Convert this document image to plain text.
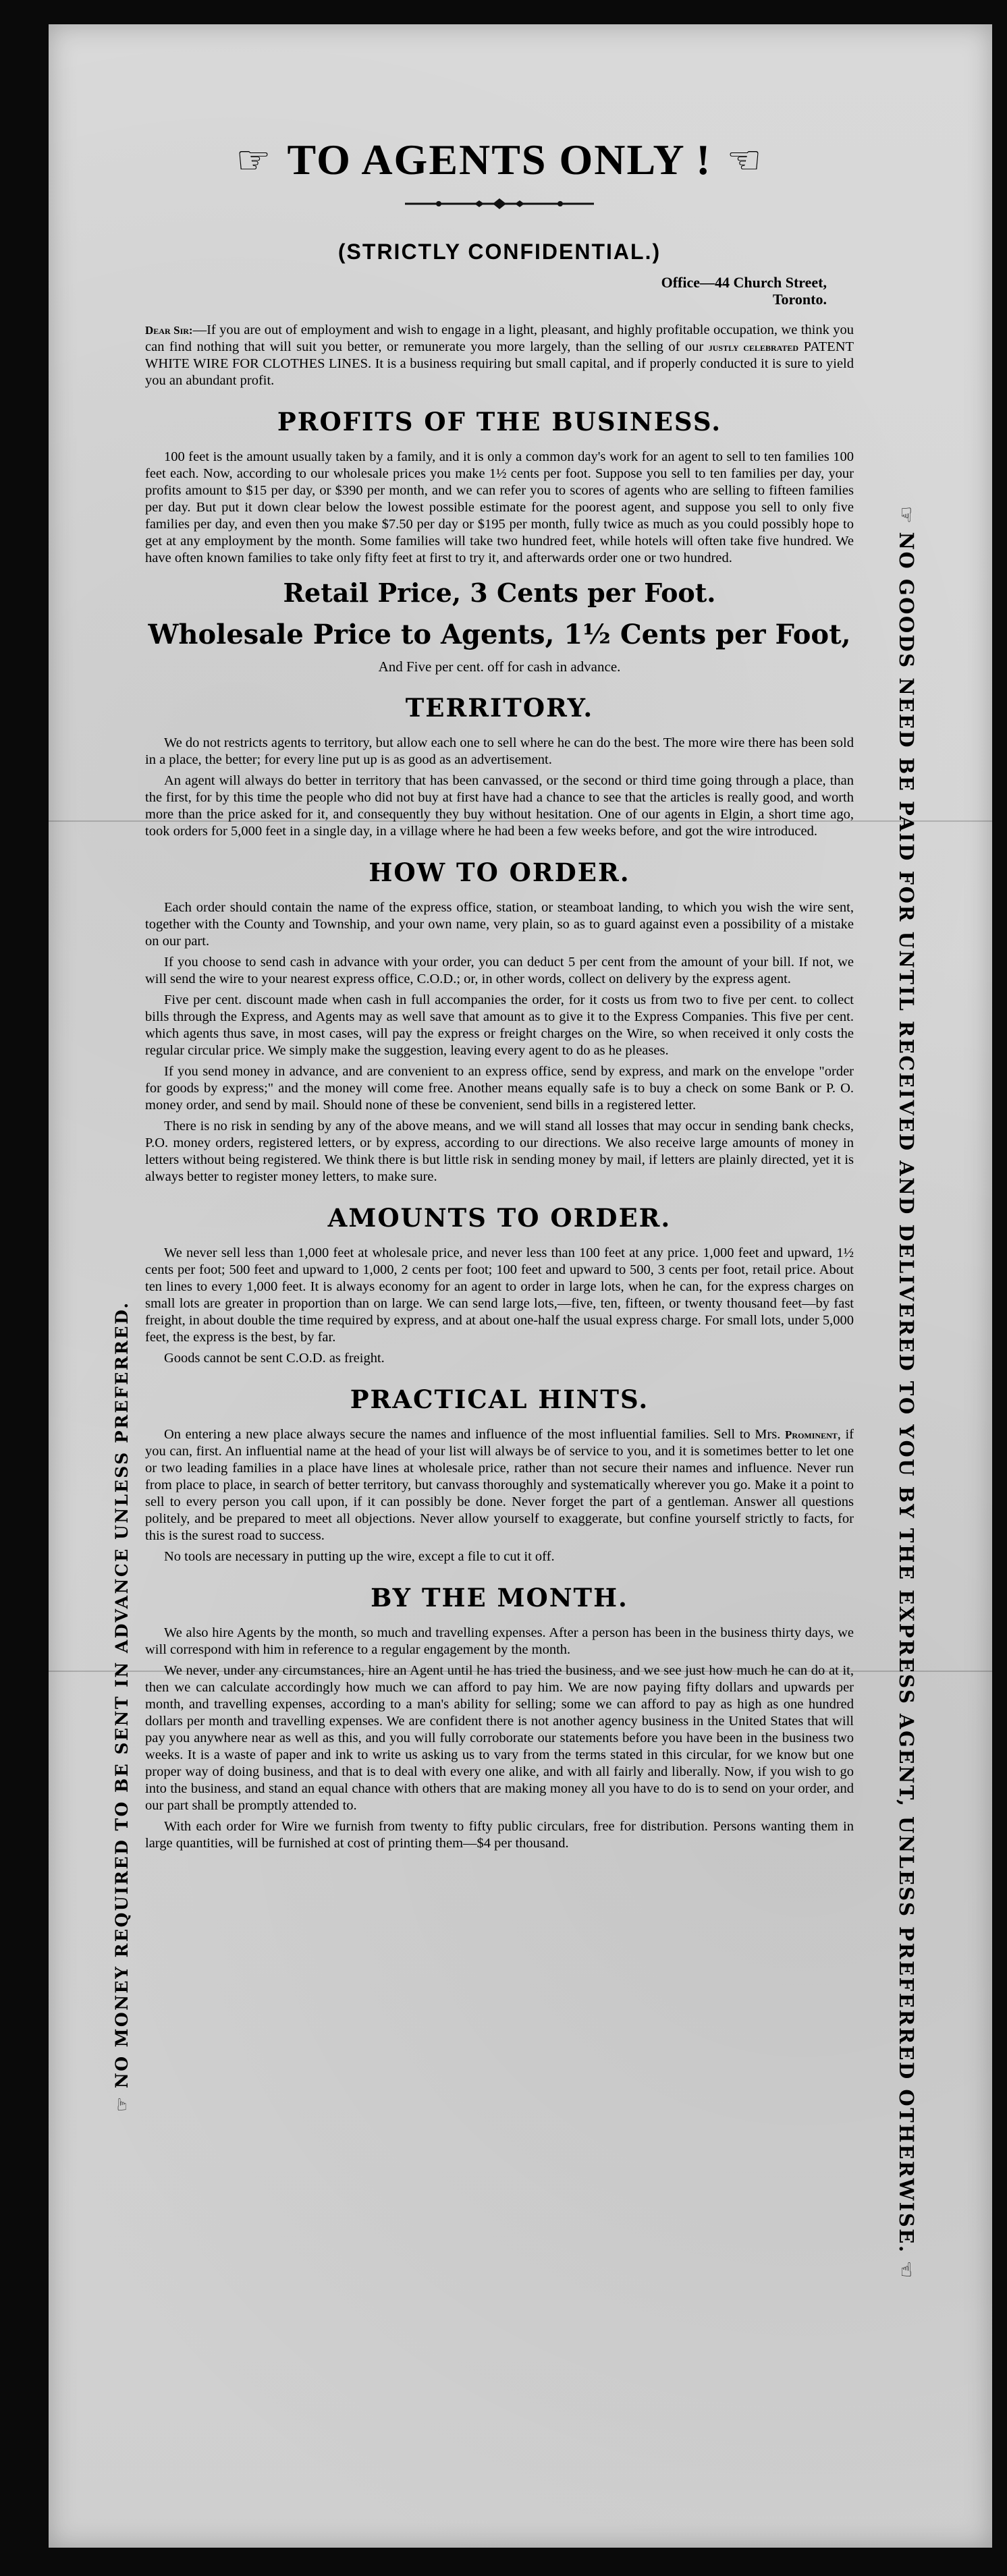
☞NO GOODS NEED BE PAID FOR UNTIL RECEIVED AND DELIVERED TO YOU BY THE EXPRESS AGENT, UNLESS PREFERRED OTHERWISE.☜
☞NO MONEY REQUIRED TO BE SENT IN ADVANCE UNLESS PREFERRED.
☞ TO AGENTS ONLY ! ☜
(STRICTLY CONFIDENTIAL.)
Office—44 Church Street,
Toronto.

Dear Sir:—If you are out of employment and wish to engage in a light, pleasant, and highly profitable occupation, we think you can find nothing that will suit you better, or remunerate you more largely, than the selling of our justly celebrated PATENT WHITE WIRE FOR CLOTHES LINES. It is a business requiring but small capital, and if properly conducted it is sure to yield you an abundant profit.

PROFITS OF THE BUSINESS.

100 feet is the amount usually taken by a family, and it is only a common day's work for an agent to sell to ten families 100 feet each. Now, according to our wholesale prices you make 1½ cents per foot. Suppose you sell to ten families per day, your profits amount to $15 per day, or $390 per month, and we can refer you to scores of agents who are selling to fifteen families per day. But put it down clear below the lowest possible estimate for the poorest agent, and suppose you sell to only five families per day, and even then you make $7.50 per day or $195 per month, fully twice as much as you could possibly hope to get at any employment by the month. Some families will take two hundred feet, while hotels will often take five hundred. We have often known families to take only fifty feet at first to try it, and afterwards order one or two hundred.

Retail Price, 3 Cents per Foot.
Wholesale Price to Agents, 1½ Cents per Foot,
And Five per cent. off for cash in advance.
TERRITORY.

We do not restricts agents to territory, but allow each one to sell where he can do the best. The more wire there has been sold in a place, the better; for every line put up is as good as an advertisement.

An agent will always do better in territory that has been canvassed, or the second or third time going through a place, than the first, for by this time the people who did not buy at first have had a chance to see that the articles is really good, and worth more than the price asked for it, and consequently they buy without hesitation. One of our agents in Elgin, a short time ago, took orders for 5,000 feet in a single day, in a village where he had been a few weeks before, and got the wire introduced.

HOW TO ORDER.

Each order should contain the name of the express office, station, or steamboat landing, to which you wish the wire sent, together with the County and Township, and your own name, very plain, so as to guard against even a possibility of a mistake on our part.

If you choose to send cash in advance with your order, you can deduct 5 per cent from the amount of your bill. If not, we will send the wire to your nearest express office, C.O.D.; or, in other words, collect on delivery by the express agent.

Five per cent. discount made when cash in full accompanies the order, for it costs us from two to five per cent. to collect bills through the Express, and Agents may as well save that amount as to give it to the Express Companies. This five per cent. which agents thus save, in most cases, will pay the express or freight charges on the Wire, so when received it only costs the regular circular price. We simply make the suggestion, leaving every agent to do as he pleases.

If you send money in advance, and are convenient to an express office, send by express, and mark on the envelope "order for goods by express;" and the money will come free. Another means equally safe is to buy a check on some Bank or P. O. money order, and send by mail. Should none of these be convenient, send bills in a registered letter.

There is no risk in sending by any of the above means, and we will stand all losses that may occur in sending bank checks, P.O. money orders, registered letters, or by express, according to our directions. We also receive large amounts of money in letters without being registered. We think there is but little risk in sending money by mail, if letters are plainly directed, yet it is always better to register money letters, to make sure.

AMOUNTS TO ORDER.

We never sell less than 1,000 feet at wholesale price, and never less than 100 feet at any price. 1,000 feet and upward, 1½ cents per foot; 500 feet and upward to 1,000, 2 cents per foot; 100 feet and upward to 500, 3 cents per foot, retail price. About ten lines to every 1,000 feet. It is always economy for an agent to order in large lots, when he can, for the express charges on small lots are greater in proportion than on large. We can send large lots,—five, ten, fifteen, or twenty thousand feet—by fast freight, in about double the time required by express, and at about one-half the usual express charge. For small lots, under 5,000 feet, the express is the best, by far.

Goods cannot be sent C.O.D. as freight.

PRACTICAL HINTS.

On entering a new place always secure the names and influence of the most influential families. Sell to Mrs. Prominent, if you can, first. An influential name at the head of your list will always be of service to you, and it is sometimes better to let one or two leading families in a place have lines at wholesale price, rather than not secure their names and influence. Never run from place to place, in search of better territory, but canvass thoroughly and systematically wherever you go. Make it a point to sell to every person you call upon, if it can possibly be done. Never forget the part of a gentleman. Answer all questions politely, and be prepared to meet all objections. Never allow yourself to exaggerate, but confine yourself strictly to facts, for this is the surest road to success.

No tools are necessary in putting up the wire, except a file to cut it off.

BY THE MONTH.

We also hire Agents by the month, so much and travelling expenses. After a person has been in the business thirty days, we will correspond with him in reference to a regular engagement by the month.

We never, under any circumstances, hire an Agent until he has tried the business, and we see just how much he can do at it, then we can calculate accordingly how much we can afford to pay him. We are now paying fifty dollars and upwards per month, and travelling expenses, according to a man's ability for selling; some we can afford to pay as high as one hundred dollars per month and travelling expenses. We are confident there is not another agency business in the United States that will pay you anywhere near as well as this, and you will fully corroborate our statements before you have been in the business two weeks. It is a waste of paper and ink to write us asking us to vary from the terms stated in this circular, for we know but one proper way of doing business, and that is to deal with every one alike, and with all fairly and liberally. Now, if you wish to go into the business, and stand an equal chance with others that are making money all you have to do is to send on your order, and our part shall be promptly attended to.

With each order for Wire we furnish from twenty to fifty public circulars, free for distribution. Persons wanting them in large quantities, will be furnished at cost of printing them—$4 per thousand.
